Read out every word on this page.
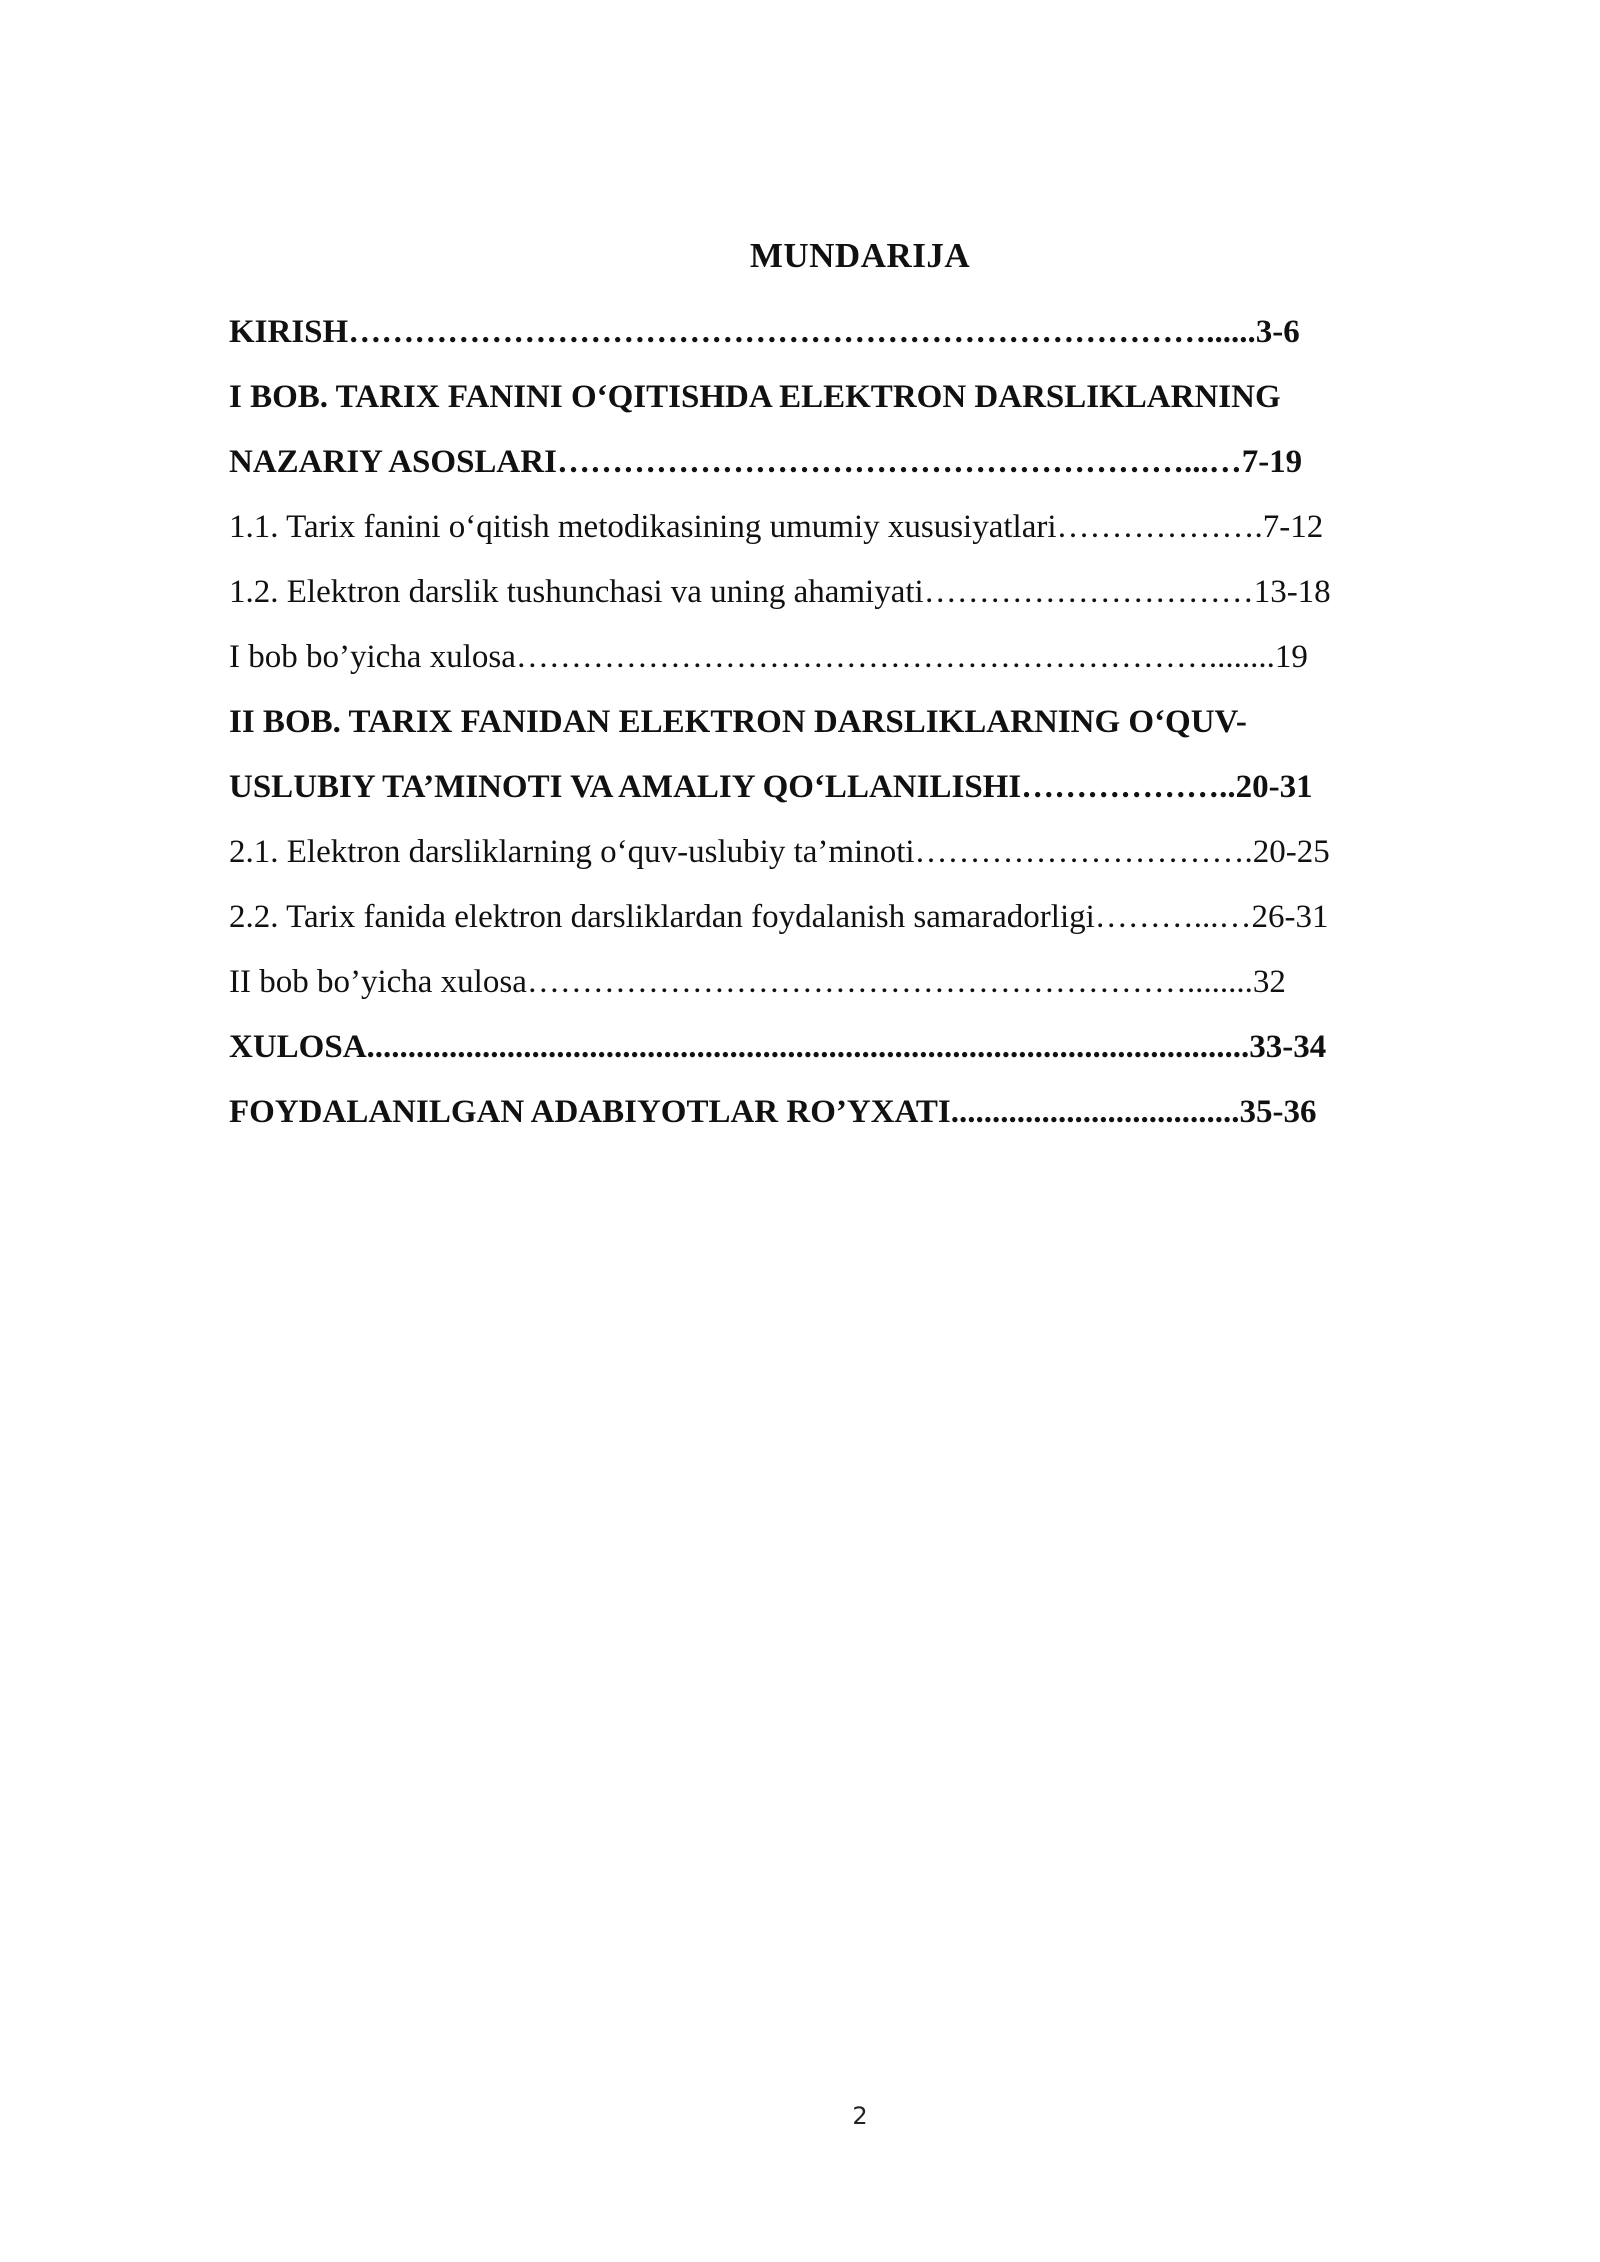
MUNDARIJA
KIRISH……………………………………………………………………......3-6
I BOB. TARIX FANINI O‘QITISHDA ELEKTRON DARSLIKLARNING
NAZARIY ASOSLARI…………………………………………………...…7-19
1.1. Tarix fanini o‘qitish metodikasining umumiy xususiyatlari……………….7-12
1.2. Elektron darslik tushunchasi va uning ahamiyati…………………………13-18
I bob bo’yicha xulosa………………………………………………………........19
II BOB. TARIX FANIDAN ELEKTRON DARSLIKLARNING O‘QUV-
USLUBIY TA’MINOTI VA AMALIY QO‘LLANILISHI………………..20-31
2.1. Elektron darsliklarning o‘quv-uslubiy ta’minoti………………………….20-25
2.2. Tarix fanida elektron darsliklardan foydalanish samaradorligi………...…26-31
II bob bo’yicha xulosa……………………………………………………........32
XULOSA...........................................................................................................33-34
FOYDALANILGAN ADABIYOTLAR RO’YXATI...................................35-36
2
